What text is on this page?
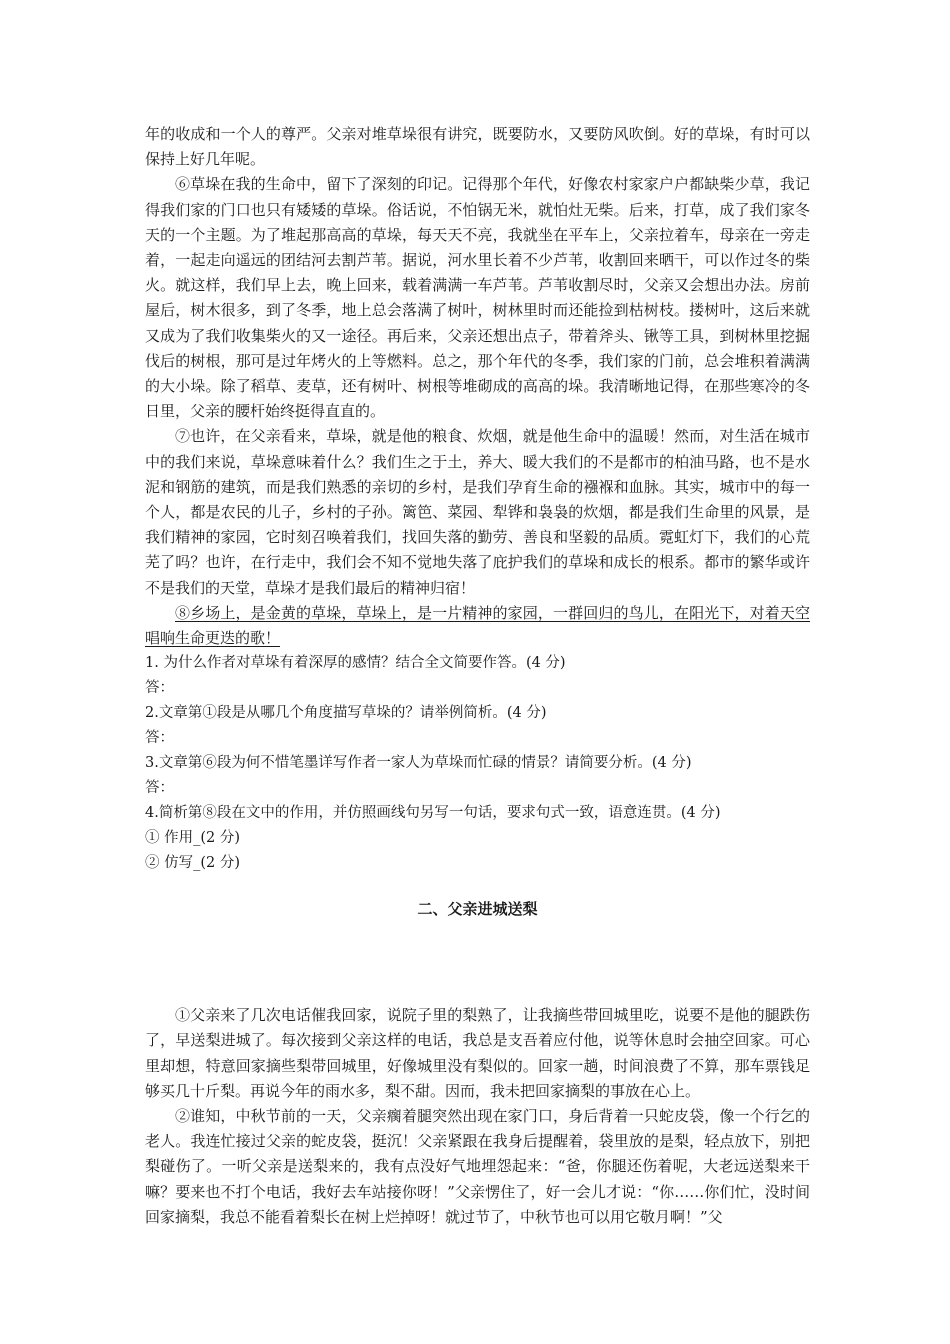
年的收成和一个人的尊严。父亲对堆草垛很有讲究，既要防水，又要防风吹倒。好的草垛，有时可以保持上好几年呢。

⑥草垛在我的生命中，留下了深刻的印记。记得那个年代，好像农村家家户户都缺柴少草，我记得我们家的门口也只有矮矮的草垛。俗话说，不怕锅无米，就怕灶无柴。后来，打草，成了我们家冬天的一个主题。为了堆起那高高的草垛，每天天不亮，我就坐在平车上，父亲拉着车，母亲在一旁走着，一起走向遥远的团结河去割芦苇。据说，河水里长着不少芦苇，收割回来晒干，可以作过冬的柴火。就这样，我们早上去，晚上回来，载着满满一车芦苇。芦苇收割尽时，父亲又会想出办法。房前屋后，树木很多，到了冬季，地上总会落满了树叶，树林里时而还能捡到枯树枝。搂树叶，这后来就又成为了我们收集柴火的又一途径。再后来，父亲还想出点子，带着斧头、锹等工具，到树林里挖掘伐后的树根，那可是过年烤火的上等燃料。总之，那个年代的冬季，我们家的门前，总会堆积着满满的大小垛。除了稻草、麦草，还有树叶、树根等堆砌成的高高的垛。我清晰地记得，在那些寒冷的冬日里，父亲的腰杆始终挺得直直的。

⑦也许，在父亲看来，草垛，就是他的粮食、炊烟，就是他生命中的温暖！然而，对生活在城市中的我们来说，草垛意味着什么？我们生之于土，养大、暖大我们的不是都市的柏油马路，也不是水泥和钢筋的建筑，而是我们熟悉的亲切的乡村，是我们孕育生命的襁褓和血脉。其实，城市中的每一个人，都是农民的儿子，乡村的子孙。篱笆、菜园、犁铧和袅袅的炊烟，都是我们生命里的风景，是我们精神的家园，它时刻召唤着我们，找回失落的勤劳、善良和坚毅的品质。霓虹灯下，我们的心荒芜了吗？也许，在行走中，我们会不知不觉地失落了庇护我们的草垛和成长的根系。都市的繁华或许不是我们的天堂，草垛才是我们最后的精神归宿！

⑧乡场上，是金黄的草垛，草垛上，是一片精神的家园，一群回归的鸟儿，在阳光下，对着天空唱响生命更迭的歌！

1. 为什么作者对草垛有着深厚的感情？结合全文简要作答。(4 分)

答：

2.文章第①段是从哪几个角度描写草垛的？请举例简析。(4 分)

答：

3.文章第⑥段为何不惜笔墨详写作者一家人为草垛而忙碌的情景？请简要分析。(4 分)

答：

4.简析第⑧段在文中的作用，并仿照画线句另写一句话，要求句式一致，语意连贯。(4 分)

① 作用_(2 分)

② 仿写_(2 分)

二、父亲进城送梨

①父亲来了几次电话催我回家，说院子里的梨熟了，让我摘些带回城里吃，说要不是他的腿跌伤了，早送梨进城了。每次接到父亲这样的电话，我总是支吾着应付他，说等休息时会抽空回家。可心里却想，特意回家摘些梨带回城里，好像城里没有梨似的。回家一趟，时间浪费了不算，那车票钱足够买几十斤梨。再说今年的雨水多，梨不甜。因而，我未把回家摘梨的事放在心上。

②谁知，中秋节前的一天，父亲瘸着腿突然出现在家门口，身后背着一只蛇皮袋，像一个行乞的老人。我连忙接过父亲的蛇皮袋，挺沉！父亲紧跟在我身后提醒着，袋里放的是梨，轻点放下，别把梨碰伤了。一听父亲是送梨来的，我有点没好气地埋怨起来：“爸，你腿还伤着呢，大老远送梨来干嘛？要来也不打个电话，我好去车站接你呀！”父亲愣住了，好一会儿才说：“你……你们忙，没时间回家摘梨，我总不能看着梨长在树上烂掉呀！就过节了，中秋节也可以用它敬月啊！”父
